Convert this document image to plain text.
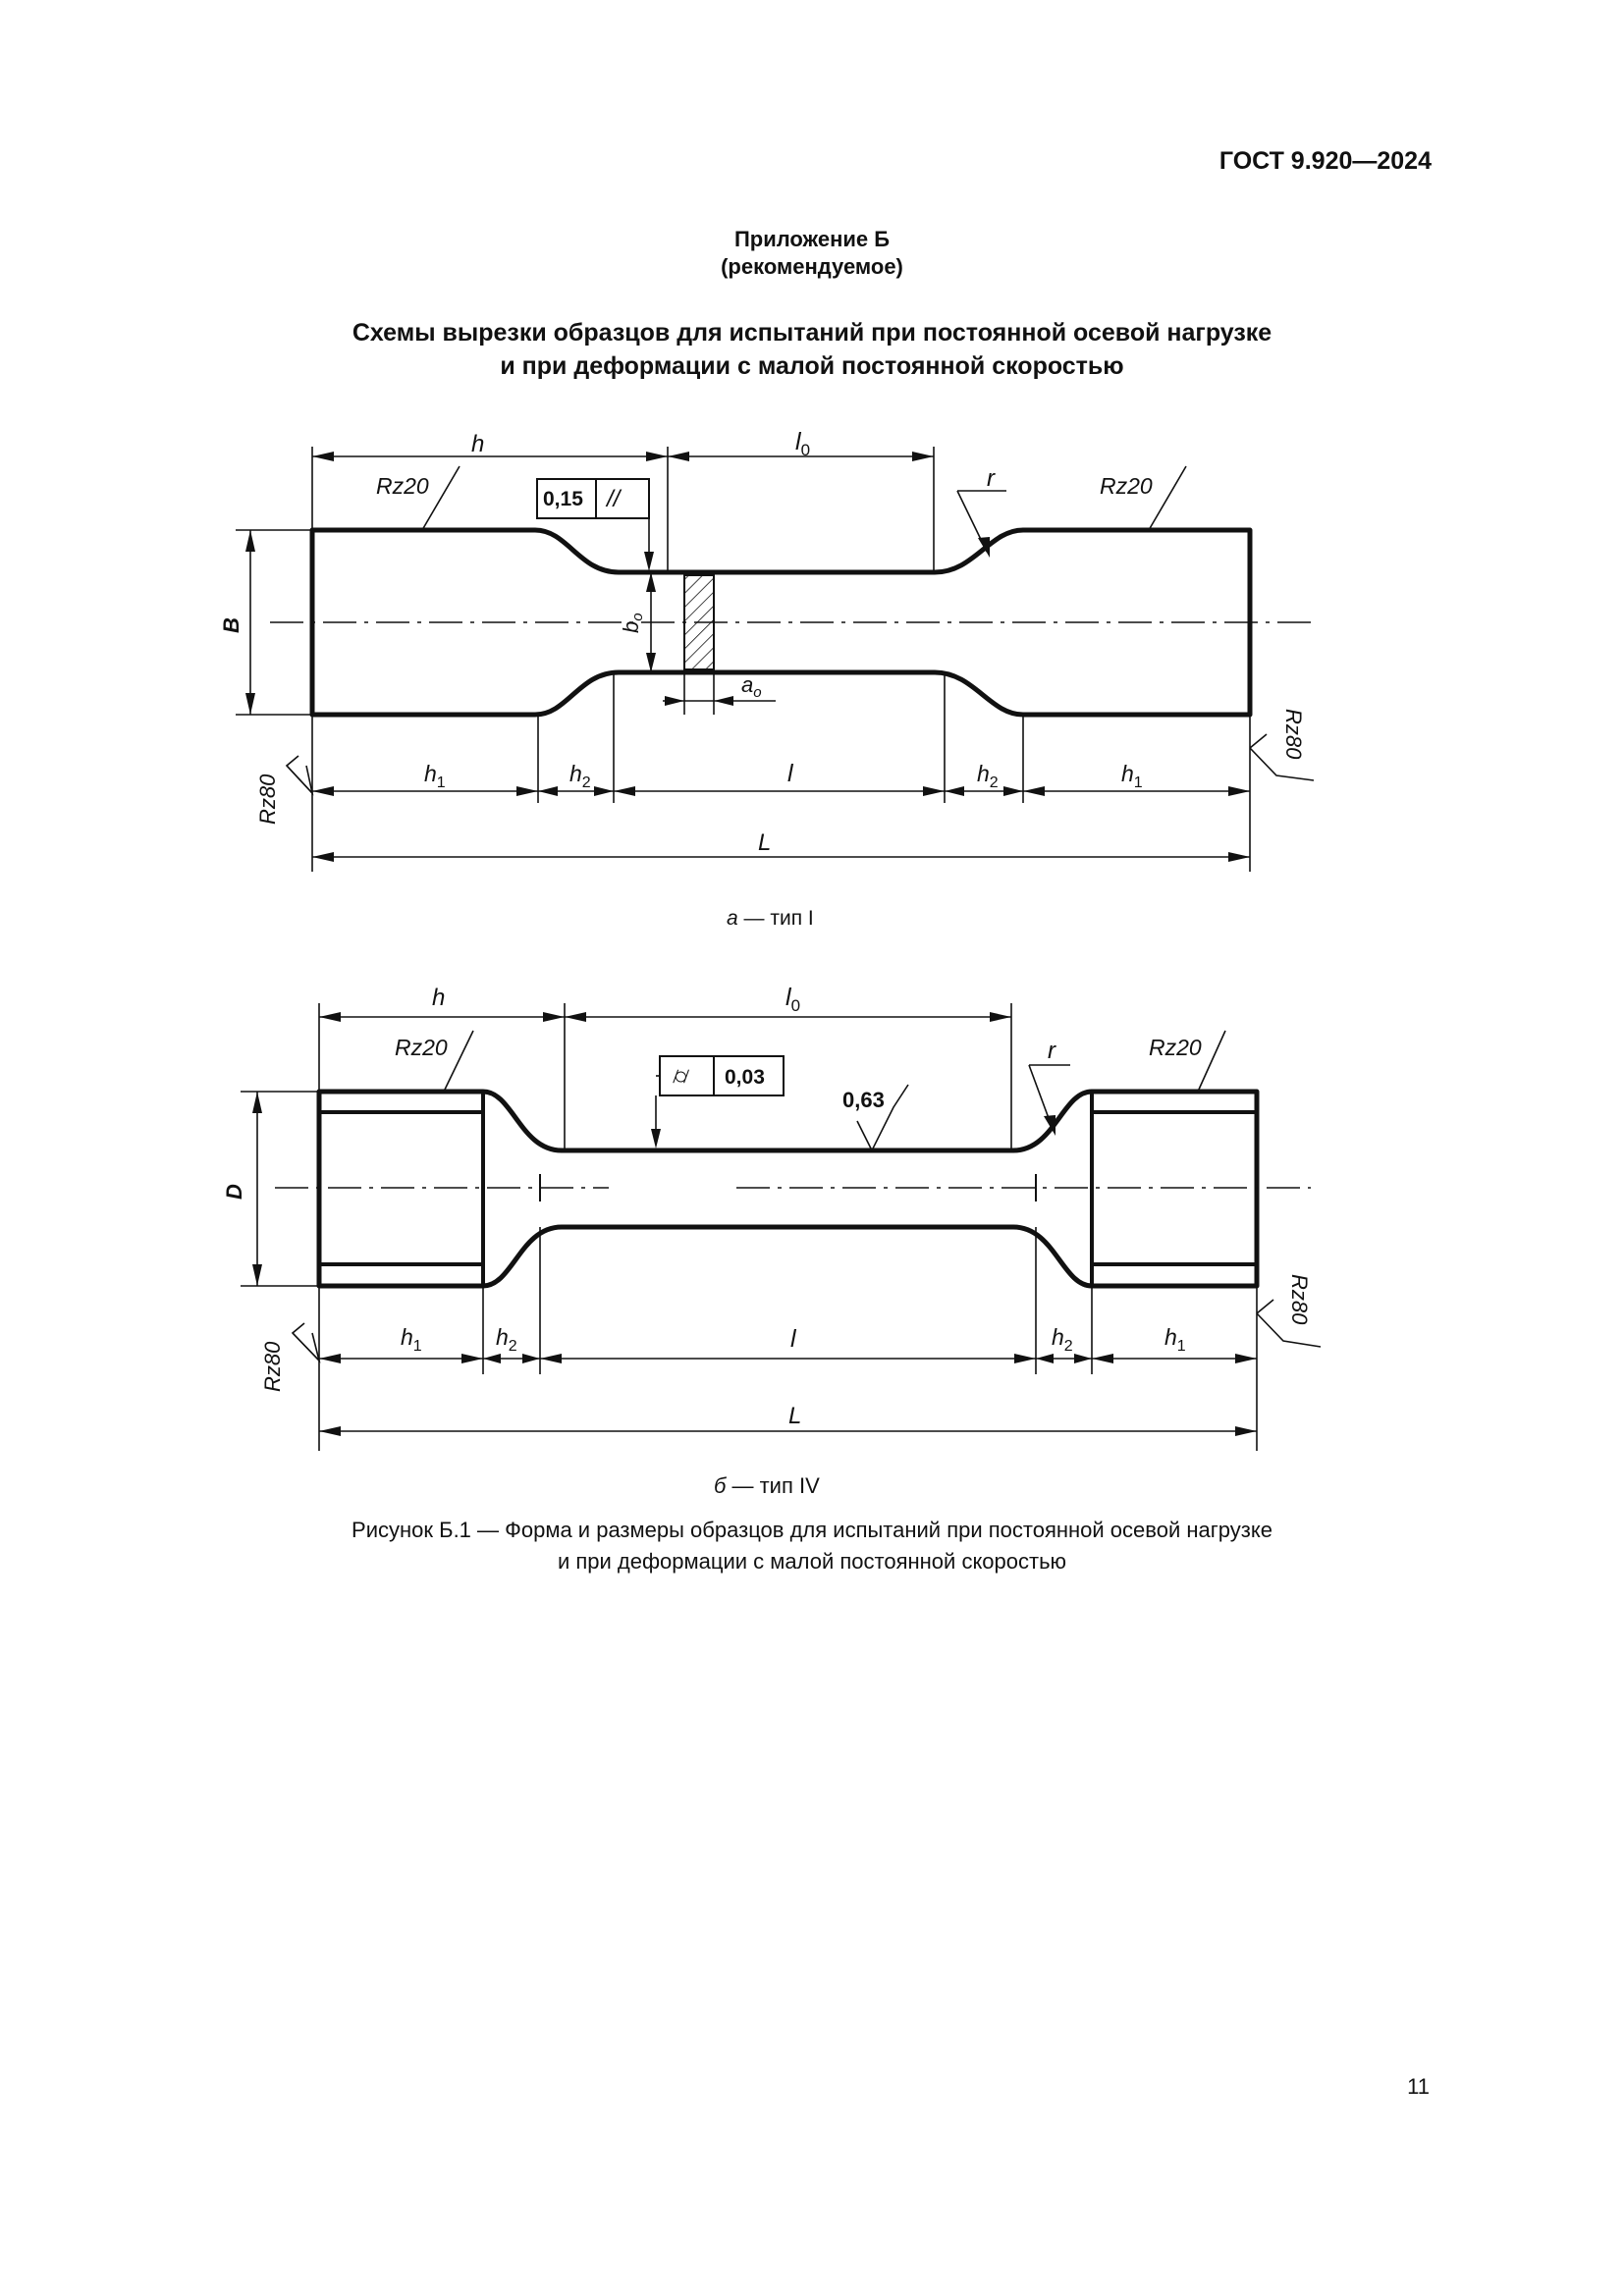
ГОСТ 9.920—2024
Приложение Б
(рекомендуемое)
Схемы вырезки образцов для испытаний при постоянной осевой нагрузке
и при деформации с малой постоянной скоростью
h	$l_0$
Rz20	Rz20
r
0,15 //
B	bo
$a_o$
$h_1$	$h_2$	l	$h_2$	$h_1$
L
Rz80
Rz80
а — тип I
h	$l_0$
Rz20	Rz20
r
0,63
⌭ 0,03
D
$h_1$	$h_2$	l	$h_2$	$h_1$
L
Rz80
Rz80
б — тип IV
Рисунок Б.1 — Форма и размеры образцов для испытаний при постоянной осевой нагрузке
и при деформации с малой постоянной скоростью
11
